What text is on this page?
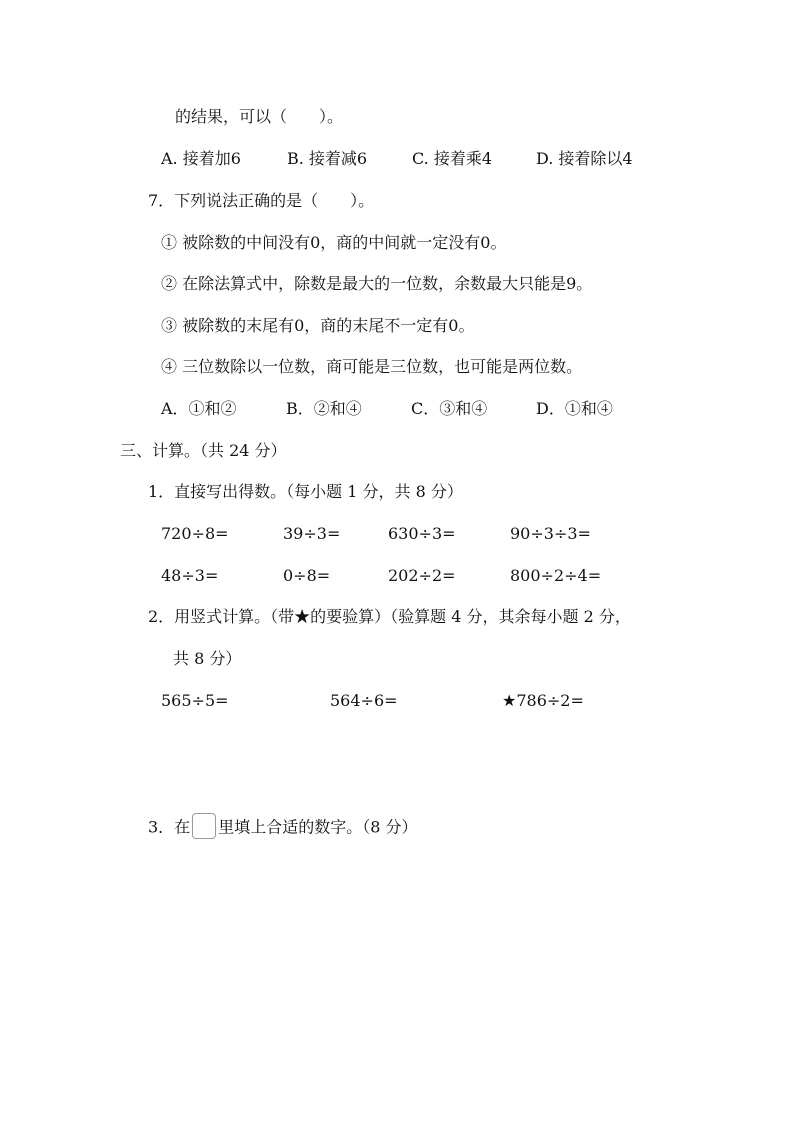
的结果，可以（　　）。
A. 接着加6	B. 接着减6	C. 接着乘4	D. 接着除以4
7．下列说法正确的是（　　）。
① 被除数的中间没有0，商的中间就一定没有0。
② 在除法算式中，除数是最大的一位数，余数最大只能是9。
③ 被除数的末尾有0，商的末尾不一定有0。
④ 三位数除以一位数，商可能是三位数，也可能是两位数。
A．①和②	B．②和④	C．③和④	D．①和④
三、计算。（共 24 分）
1．直接写出得数。（每小题 1 分，共 8 分）
720÷8=	39÷3=	630÷3=	90÷3÷3=
48÷3=	0÷8=	202÷2=	800÷2÷4=
2．用竖式计算。（带★的要验算）（验算题 4 分，其余每小题 2 分，
共 8 分）
565÷5=	564÷6=	★786÷2=
3．在 里填上合适的数字。（8 分）
